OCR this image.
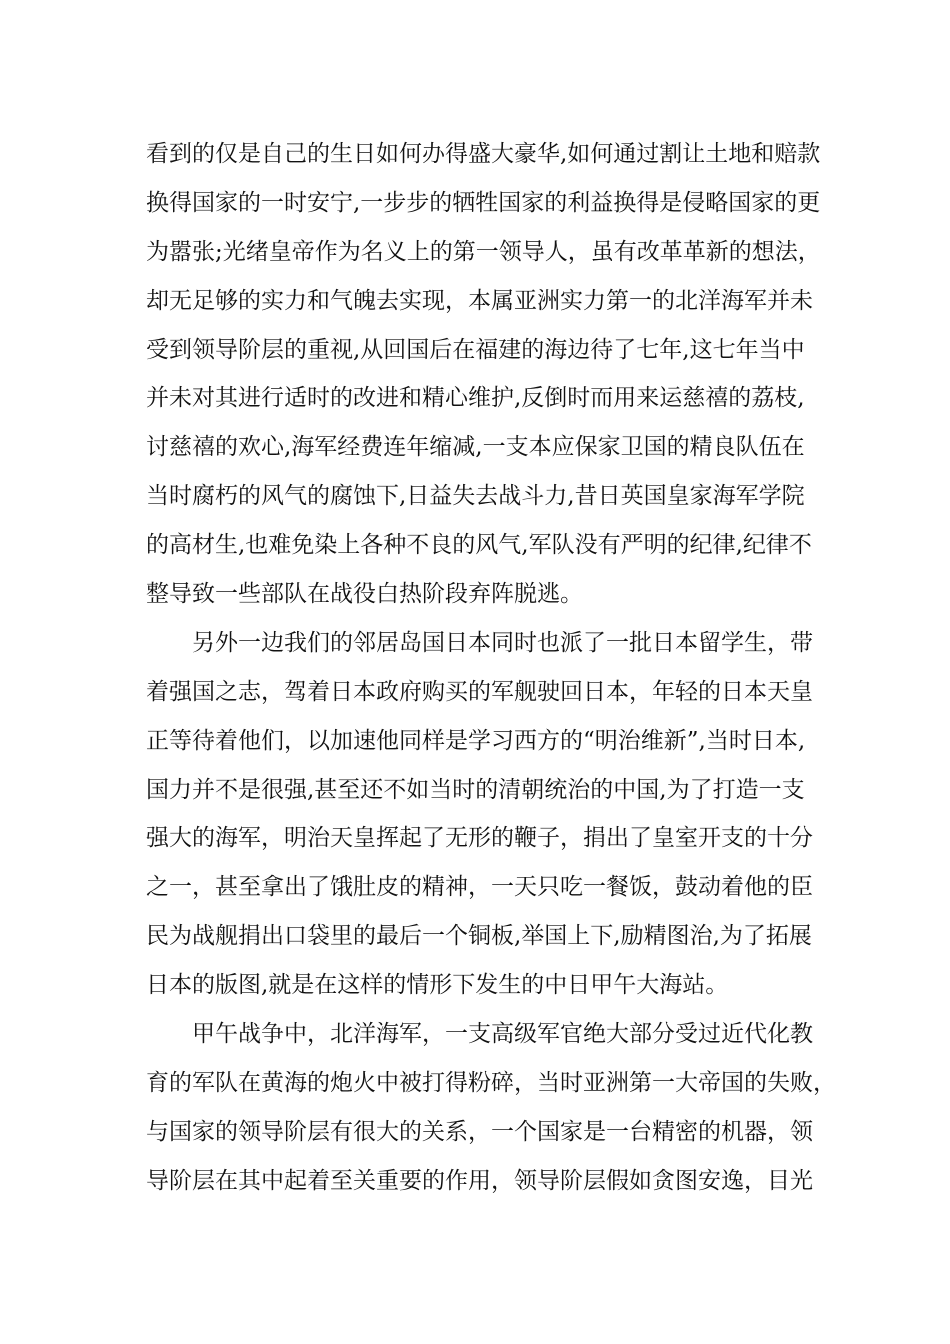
看到的仅是自己的生日如何办得盛大豪华,如何通过割让土地和赔款
换得国家的一时安宁,一步步的牺牲国家的利益换得是侵略国家的更
为嚣张;光绪皇帝作为名义上的第一领导人，虽有改革革新的想法，
却无足够的实力和气魄去实现，本属亚洲实力第一的北洋海军并未
受到领导阶层的重视,从回国后在福建的海边待了七年,这七年当中
并未对其进行适时的改进和精心维护,反倒时而用来运慈禧的荔枝,
讨慈禧的欢心,海军经费连年缩减,一支本应保家卫国的精良队伍在
当时腐朽的风气的腐蚀下,日益失去战斗力,昔日英国皇家海军学院
的高材生,也难免染上各种不良的风气,军队没有严明的纪律,纪律不
整导致一些部队在战役白热阶段弃阵脱逃。
另外一边我们的邻居岛国日本同时也派了一批日本留学生，带
着强国之志，驾着日本政府购买的军舰驶回日本，年轻的日本天皇
正等待着他们，以加速他同样是学习西方的“明治维新”,当时日本,
国力并不是很强,甚至还不如当时的清朝统治的中国,为了打造一支
强大的海军，明治天皇挥起了无形的鞭子，捐出了皇室开支的十分
之一，甚至拿出了饿肚皮的精神，一天只吃一餐饭，鼓动着他的臣
民为战舰捐出口袋里的最后一个铜板,举国上下,励精图治,为了拓展
日本的版图,就是在这样的情形下发生的中日甲午大海站。
甲午战争中，北洋海军，一支高级军官绝大部分受过近代化教
育的军队在黄海的炮火中被打得粉碎，当时亚洲第一大帝国的失败，
与国家的领导阶层有很大的关系，一个国家是一台精密的机器，领
导阶层在其中起着至关重要的作用，领导阶层假如贪图安逸，目光
